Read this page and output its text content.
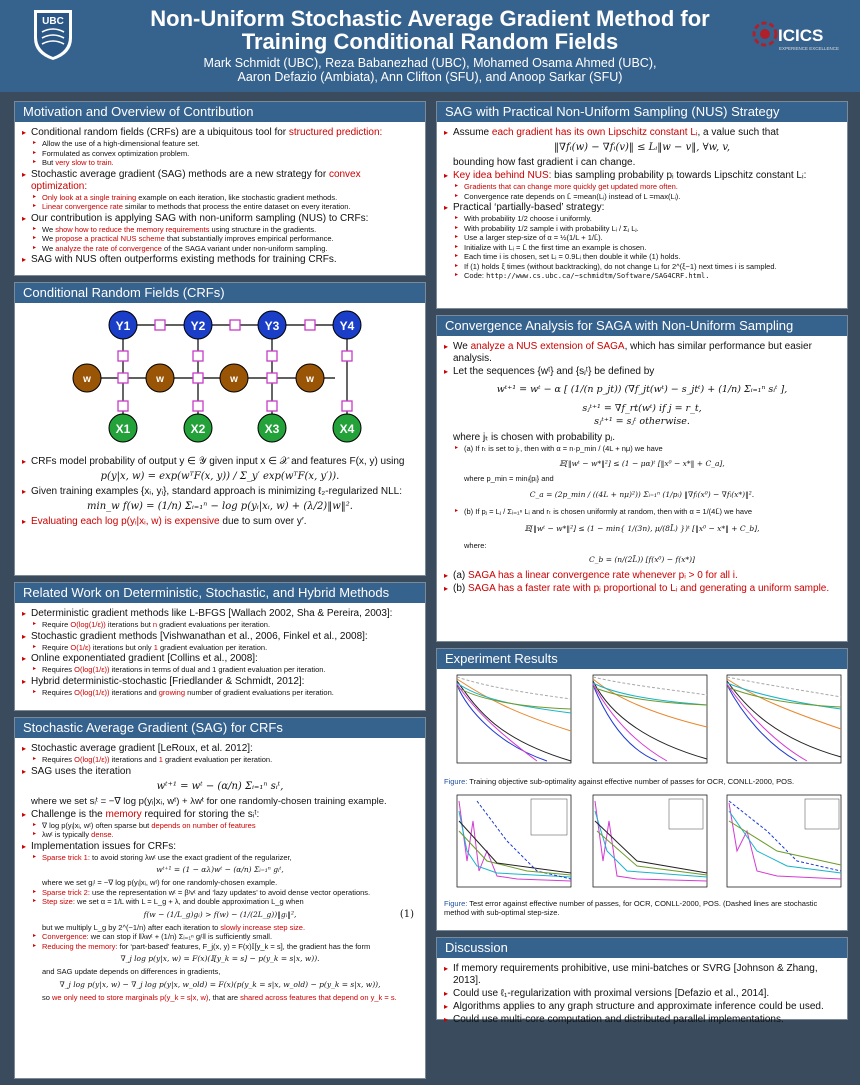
UBC	Non-Uniform Stochastic Average Gradient Method for
Training Conditional Random Fields
Mark Schmidt (UBC), Reza Babanezhad (UBC), Mohamed Osama Ahmed (UBC),
Aaron Defazio (Ambiata), Ann Clifton (SFU), and Anoop Sarkar (SFU)
ICICS
EXPERIENCE EXCELLENCE
Motivation and Overview of Contribution
▸ Conditional random fields (CRFs) are a ubiquitous tool for structured prediction:
▸ Allow the use of a high-dimensional feature set.
▸ Formulated as convex optimization problem.
▸ But very slow to train.
▸ Stochastic average gradient (SAG) methods are a new strategy for convex optimization:
▸ Only look at a single training example on each iteration, like stochastic gradient methods.
▸ Linear convergence rate similar to methods that process the entire dataset on every iteration.
▸ Our contribution is applying SAG with non-uniform sampling (NUS) to CRFs:
▸ We show how to reduce the memory requirements using structure in the gradients.
▸ We propose a practical NUS scheme that substantially improves empirical performance.
▸ We analyze the rate of convergence of the SAGA variant under non-uniform sampling.
▸ SAG with NUS often outperforms existing methods for training CRFs.
Conditional Random Fields (CRFs)
Y1	Y2	Y3	Y4
w	w	w	w
X1	X2	X3	X4
▸ CRFs model probability of output y ∈ 𝒴 given input x ∈ 𝒳 and features F(x, y) using
p(y|x, w) = exp(wᵀF(x, y)) / Σ_y′ exp(wᵀF(x, y′)).
▸ Given training examples {xᵢ, yᵢ}, standard approach is minimizing ℓ₂-regularized NLL:
min_w f(w) = (1/n) Σᵢ₌₁ⁿ − log p(yᵢ|xᵢ, w) + (λ/2)‖w‖².
▸ Evaluating each log p(yᵢ|xᵢ, w) is expensive due to sum over y′.
Related Work on Deterministic, Stochastic, and Hybrid Methods
▸ Deterministic gradient methods like L-BFGS [Wallach 2002, Sha & Pereira, 2003]:
▸ Require O(log(1/ε)) iterations but n gradient evaluations per iteration.
▸ Stochastic gradient methods [Vishwanathan et al., 2006, Finkel et al., 2008]:
▸ Require O(1/ε) iterations but only 1 gradient evaluation per iteration.
▸ Online exponentiated gradient [Collins et al., 2008]:
▸ Requires O(log(1/ε)) iterations in terms of dual and 1 gradient evaluation per iteration.
▸ Hybrid deterministic-stochastic [Friedlander & Schmidt, 2012]:
▸ Requires O(log(1/ε)) iterations and growing number of gradient evaluations per iteration.
Stochastic Average Gradient (SAG) for CRFs
▸ Stochastic average gradient [LeRoux, et al. 2012]:
▸ Requires O(log(1/ε)) iterations and 1 gradient evaluation per iteration.
▸ SAG uses the iteration
wᵗ⁺¹ = wᵗ − (α/n) Σᵢ₌₁ⁿ sᵢᵗ,
where we set sᵢᵗ = −∇ log p(yᵢ|xᵢ, wᵗ) + λwᵗ for one randomly-chosen training example.
▸ Challenge is the memory required for storing the sᵢᵗ:
▸ ∇ log p(yᵢ|xᵢ, wᵗ) often sparse but depends on number of features
▸ λwᵗ is typically dense.
▸ Implementation issues for CRFs:
▸ Sparse trick 1: to avoid storing λwᵗ use the exact gradient of the regularizer,
wᵗ⁺¹ = (1 − αλ)wᵗ − (α/n) Σᵢ₌₁ⁿ gᵢᵗ,
where we set gᵢᵗ = −∇ log p(yᵢ|xᵢ, wᵗ) for one randomly-chosen example.
▸ Sparse trick 2: use the representation wᵗ = βᵗvᵗ and ‘lazy updates’ to avoid dense vector operations.
▸ Step size: we set α = 1/L with L = L_g + λ, and double approximation L_g when
f(w − (1/L_g)gᵢ) > f(w) − (1/(2L_g))‖gᵢ‖²,	(1)
but we multiply L_g by 2^(−1/n) after each iteration to slowly increase step size.
▸ Convergence: we can stop if ‖λwᵗ + (1/n) Σᵢ₌₁ⁿ gᵢᵗ‖ is sufficiently small.
▸ Reducing the memory: for ‘part-based’ features, F_j(x, y) = F(x)𝕀[y_k = s], the gradient has the form
∇_j log p(y|x, w) = F(x)(𝕀[y_k = s] − p(y_k = s|x, w)).
and SAG update depends on differences in gradients,
∇_j log p(y|x, w) − ∇_j log p(y|x, w_old) = F(x)(p(y_k = s|x, w_old) − p(y_k = s|x, w)),
so we only need to store marginals p(y_k = s|x, w), that are shared across features that depend on y_k = s.
SAG with Practical Non-Uniform Sampling (NUS) Strategy
▸ Assume each gradient has its own Lipschitz constant Lᵢ, a value such that
‖∇fᵢ(w) − ∇fᵢ(v)‖ ≤ Lᵢ‖w − v‖, ∀w, v,
bounding how fast gradient i can change.
▸ Key idea behind NUS: bias sampling probability pᵢ towards Lipschitz constant Lᵢ:
▸ Gradients that can change more quickly get updated more often.
▸ Convergence rate depends on L̄ =mean(Lᵢ) instead of L =max(Lᵢ).
▸ Practical ‘partially-based’ strategy:
▸ With probability 1/2 choose i uniformly.
▸ With probability 1/2 sample i with probability Lᵢ / Σⱼ Lⱼ.
▸ Use a larger step-size of α = ½(1/L + 1/L̄).
▸ Initialize with Lᵢ = L̄ the first time an example is chosen.
▸ Each time i is chosen, set Lᵢ = 0.9Lᵢ then double it while (1) holds.
▸ If (1) holds ξ times (without backtracking), do not change Lᵢ for 2^(ξ−1) next times i is sampled.
▸ Code: http://www.cs.ubc.ca/~schmidtm/Software/SAG4CRF.html.
Convergence Analysis for SAGA with Non-Uniform Sampling
▸ We analyze a NUS extension of SAGA, which has similar performance but easier analysis.
▸ Let the sequences {wᵗ} and {sⱼᵗ} be defined by
wᵗ⁺¹ = wᵗ − α [ (1/(n p_jt)) (∇f_jt(wᵗ) − s_jtᵗ) + (1/n) Σᵢ₌₁ⁿ sᵢᵗ ],
sⱼᵗ⁺¹ = ∇f_rt(wᵗ) if j = r_t,
sⱼᵗ⁺¹ = sⱼᵗ otherwise.
where jₜ is chosen with probability pⱼ.
▸ (a) If rₜ is set to jₜ, then with α = n·p_min / (4L + nμ) we have
𝔼[‖wᵗ − w*‖²] ≤ (1 − μα)ᵗ [‖x⁰ − x*‖ + C_a],
where p_min = minᵢ{pᵢ} and
C_a = (2p_min / ((4L + nμ)²)) Σᵢ₌₁ⁿ (1/pᵢ) ‖∇fᵢ(x⁰) − ∇fᵢ(x*)‖².
▸ (b) If pⱼ = Lⱼ / Σᵢ₌₁ⁿ Lᵢ and rₜ is chosen uniformly at random, then with α = 1/(4L̄) we have
𝔼[‖wᵗ − w*‖²] ≤ (1 − min{ 1/(3n), μ/(8L̄) })ᵗ [‖x⁰ − x*‖ + C_b],
where:
C_b = (n/(2L̄)) [f(x⁰) − f(x*)]
▸ (a) SAGA has a linear convergence rate whenever pᵢ > 0 for all i.
▸ (b) SAGA has a faster rate with pᵢ proportional to Lᵢ and generating a uniform sample.
Experiment Results
Figure: Training objective sub-optimality against effective number of passes for OCR, CONLL-2000, POS.
Figure: Test error against effective number of passes, for OCR, CONLL-2000, POS. (Dashed lines are stochastic method with sub-optimal step-size.
Discussion
▸ If memory requirements prohibitive, use mini-batches or SVRG [Johnson & Zhang, 2013].
▸ Could use ℓ₁-regularization with proximal versions [Defazio et al., 2014].
▸ Algorithms applies to any graph structure and approximate inference could be used.
▸ Could use multi-core computation and distributed parallel implementations.
